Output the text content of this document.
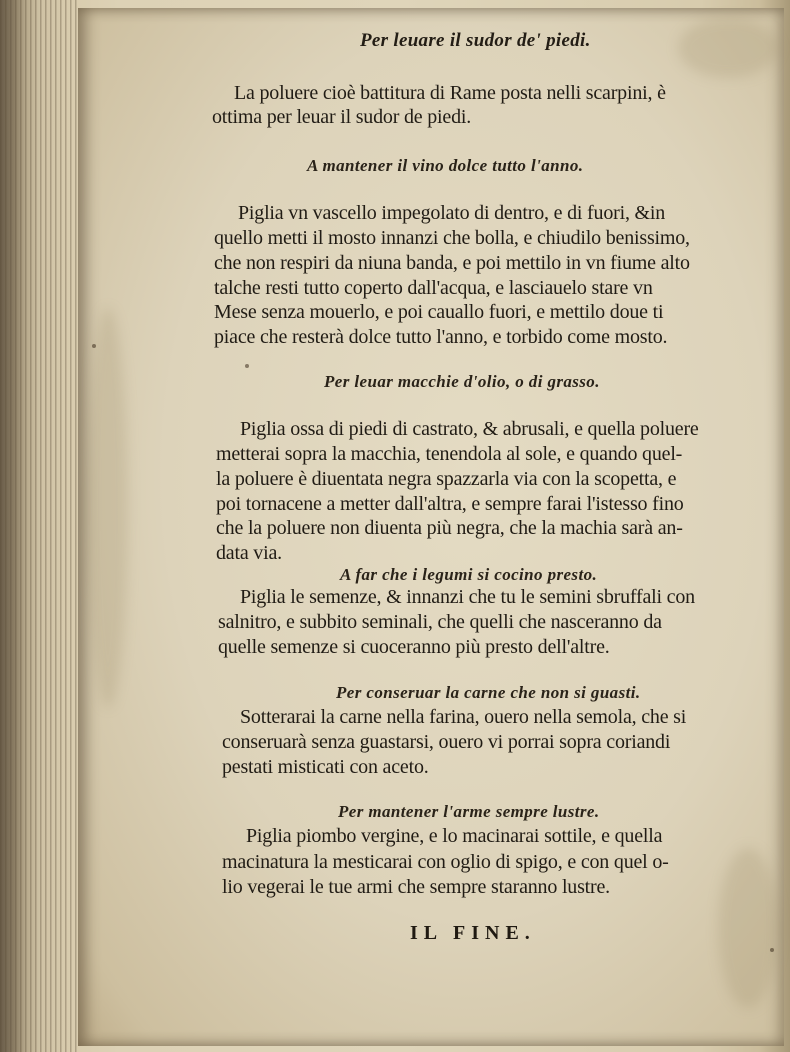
Per leuare il sudor de' piedi.
La poluere cioè battitura di Rame posta nelli scarpini, è
ottima per leuar il sudor de piedi.
A mantener il vino dolce tutto l'anno.
Piglia vn vascello impegolato di dentro, e di fuori, &in
quello metti il mosto innanzi che bolla, e chiudilo benissimo,
che non respiri da niuna banda, e poi mettilo in vn fiume alto
talche resti tutto coperto dall'acqua, e lasciauelo stare vn
Mese senza mouerlo, e poi cauallo fuori, e mettilo doue ti
piace che resterà dolce tutto l'anno, e torbido come mosto.
Per leuar macchie d'olio, o di grasso.
Piglia ossa di piedi di castrato, & abrusali, e quella poluere
metterai sopra la macchia, tenendola al sole, e quando quel-
la poluere è diuentata negra spazzarla via con la scopetta, e
poi tornacene a metter dall'altra, e sempre farai l'istesso fino
che la poluere non diuenta più negra, che la machia sarà an-
data via.
A far che i legumi si cocino presto.
Piglia le semenze, & innanzi che tu le semini sbruffali con
salnitro, e subbito seminali, che quelli che nasceranno da
quelle semenze si cuoceranno più presto dell'altre.
Per conseruar la carne che non si guasti.
Sotterarai la carne nella farina, ouero nella semola, che si
conseruarà senza guastarsi, ouero vi porrai sopra coriandi
pestati misticati con aceto.
Per mantener l'arme sempre lustre.
Piglia piombo vergine, e lo macinarai sottile, e quella
macinatura la mesticarai con oglio di spigo, e con quel o-
lio vegerai le tue armi che sempre staranno lustre.
IL FINE.
